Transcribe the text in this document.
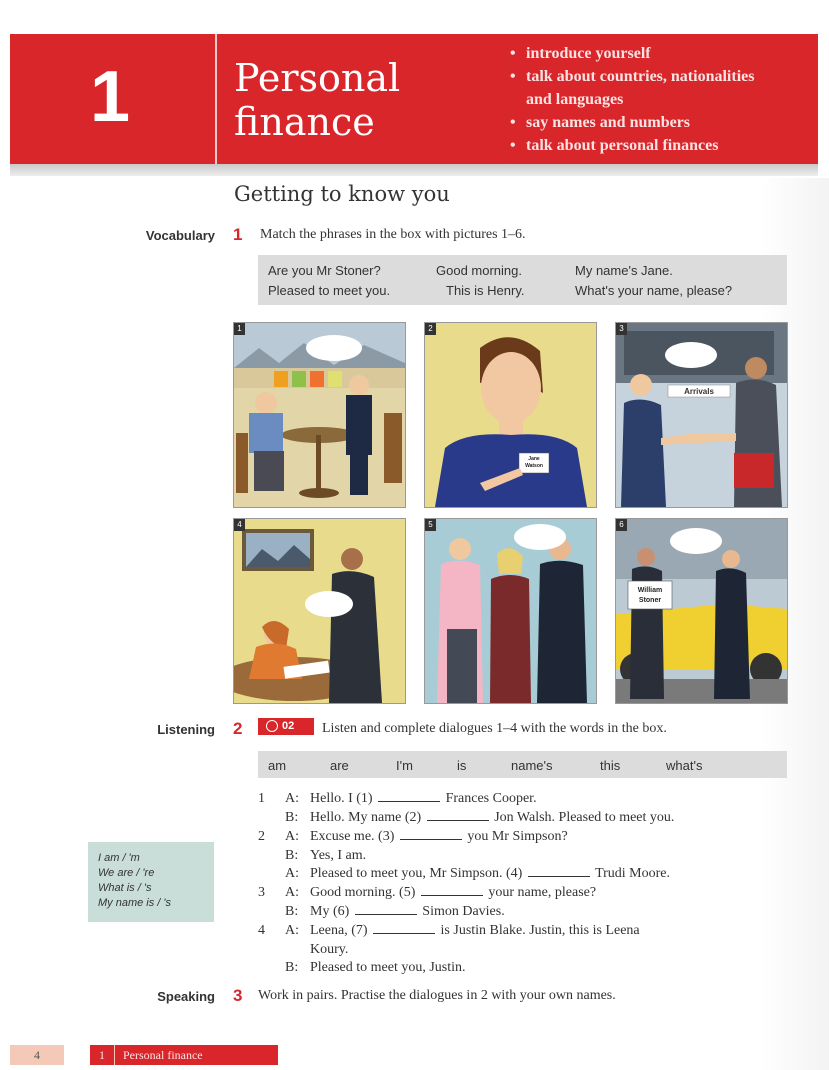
1	Personal
finance
• introduce yourself
• talk about countries, nationalities
and languages
• say names and numbers
• talk about personal finances
Getting to know you
Vocabulary 1 Match the phrases in the box with pictures 1–6.
Are you Mr Stoner?	Good morning.	My name's Jane.
Pleased to meet you.	This is Henry.	What's your name, please?
1
Jane
Watson
2
Arrivals
3
4	5
William
Stoner
6
Listening 2	02	Listen and complete dialogues 1–4 with the words in the box.
am	are	I'm	is	name's	this	what's
1 A: Hello. I (1)	Frances Cooper.
B: Hello. My name (2)	Jon Walsh. Pleased to meet you.
2 A: Excuse me. (3)	you Mr Simpson?
B: Yes, I am.
A: Pleased to meet you, Mr Simpson. (4)	Trudi Moore.
3 A: Good morning. (5)	your name, please?
B: My (6)	Simon Davies.
4 A: Leena, (7)	is Justin Blake. Justin, this is Leena
Koury.
B: Pleased to meet you, Justin.
I am / 'm
We are / 're
What is / 's
My name is / 's
Speaking 3 Work in pairs. Practise the dialogues in 2 with your own names.
4	1 Personal finance
